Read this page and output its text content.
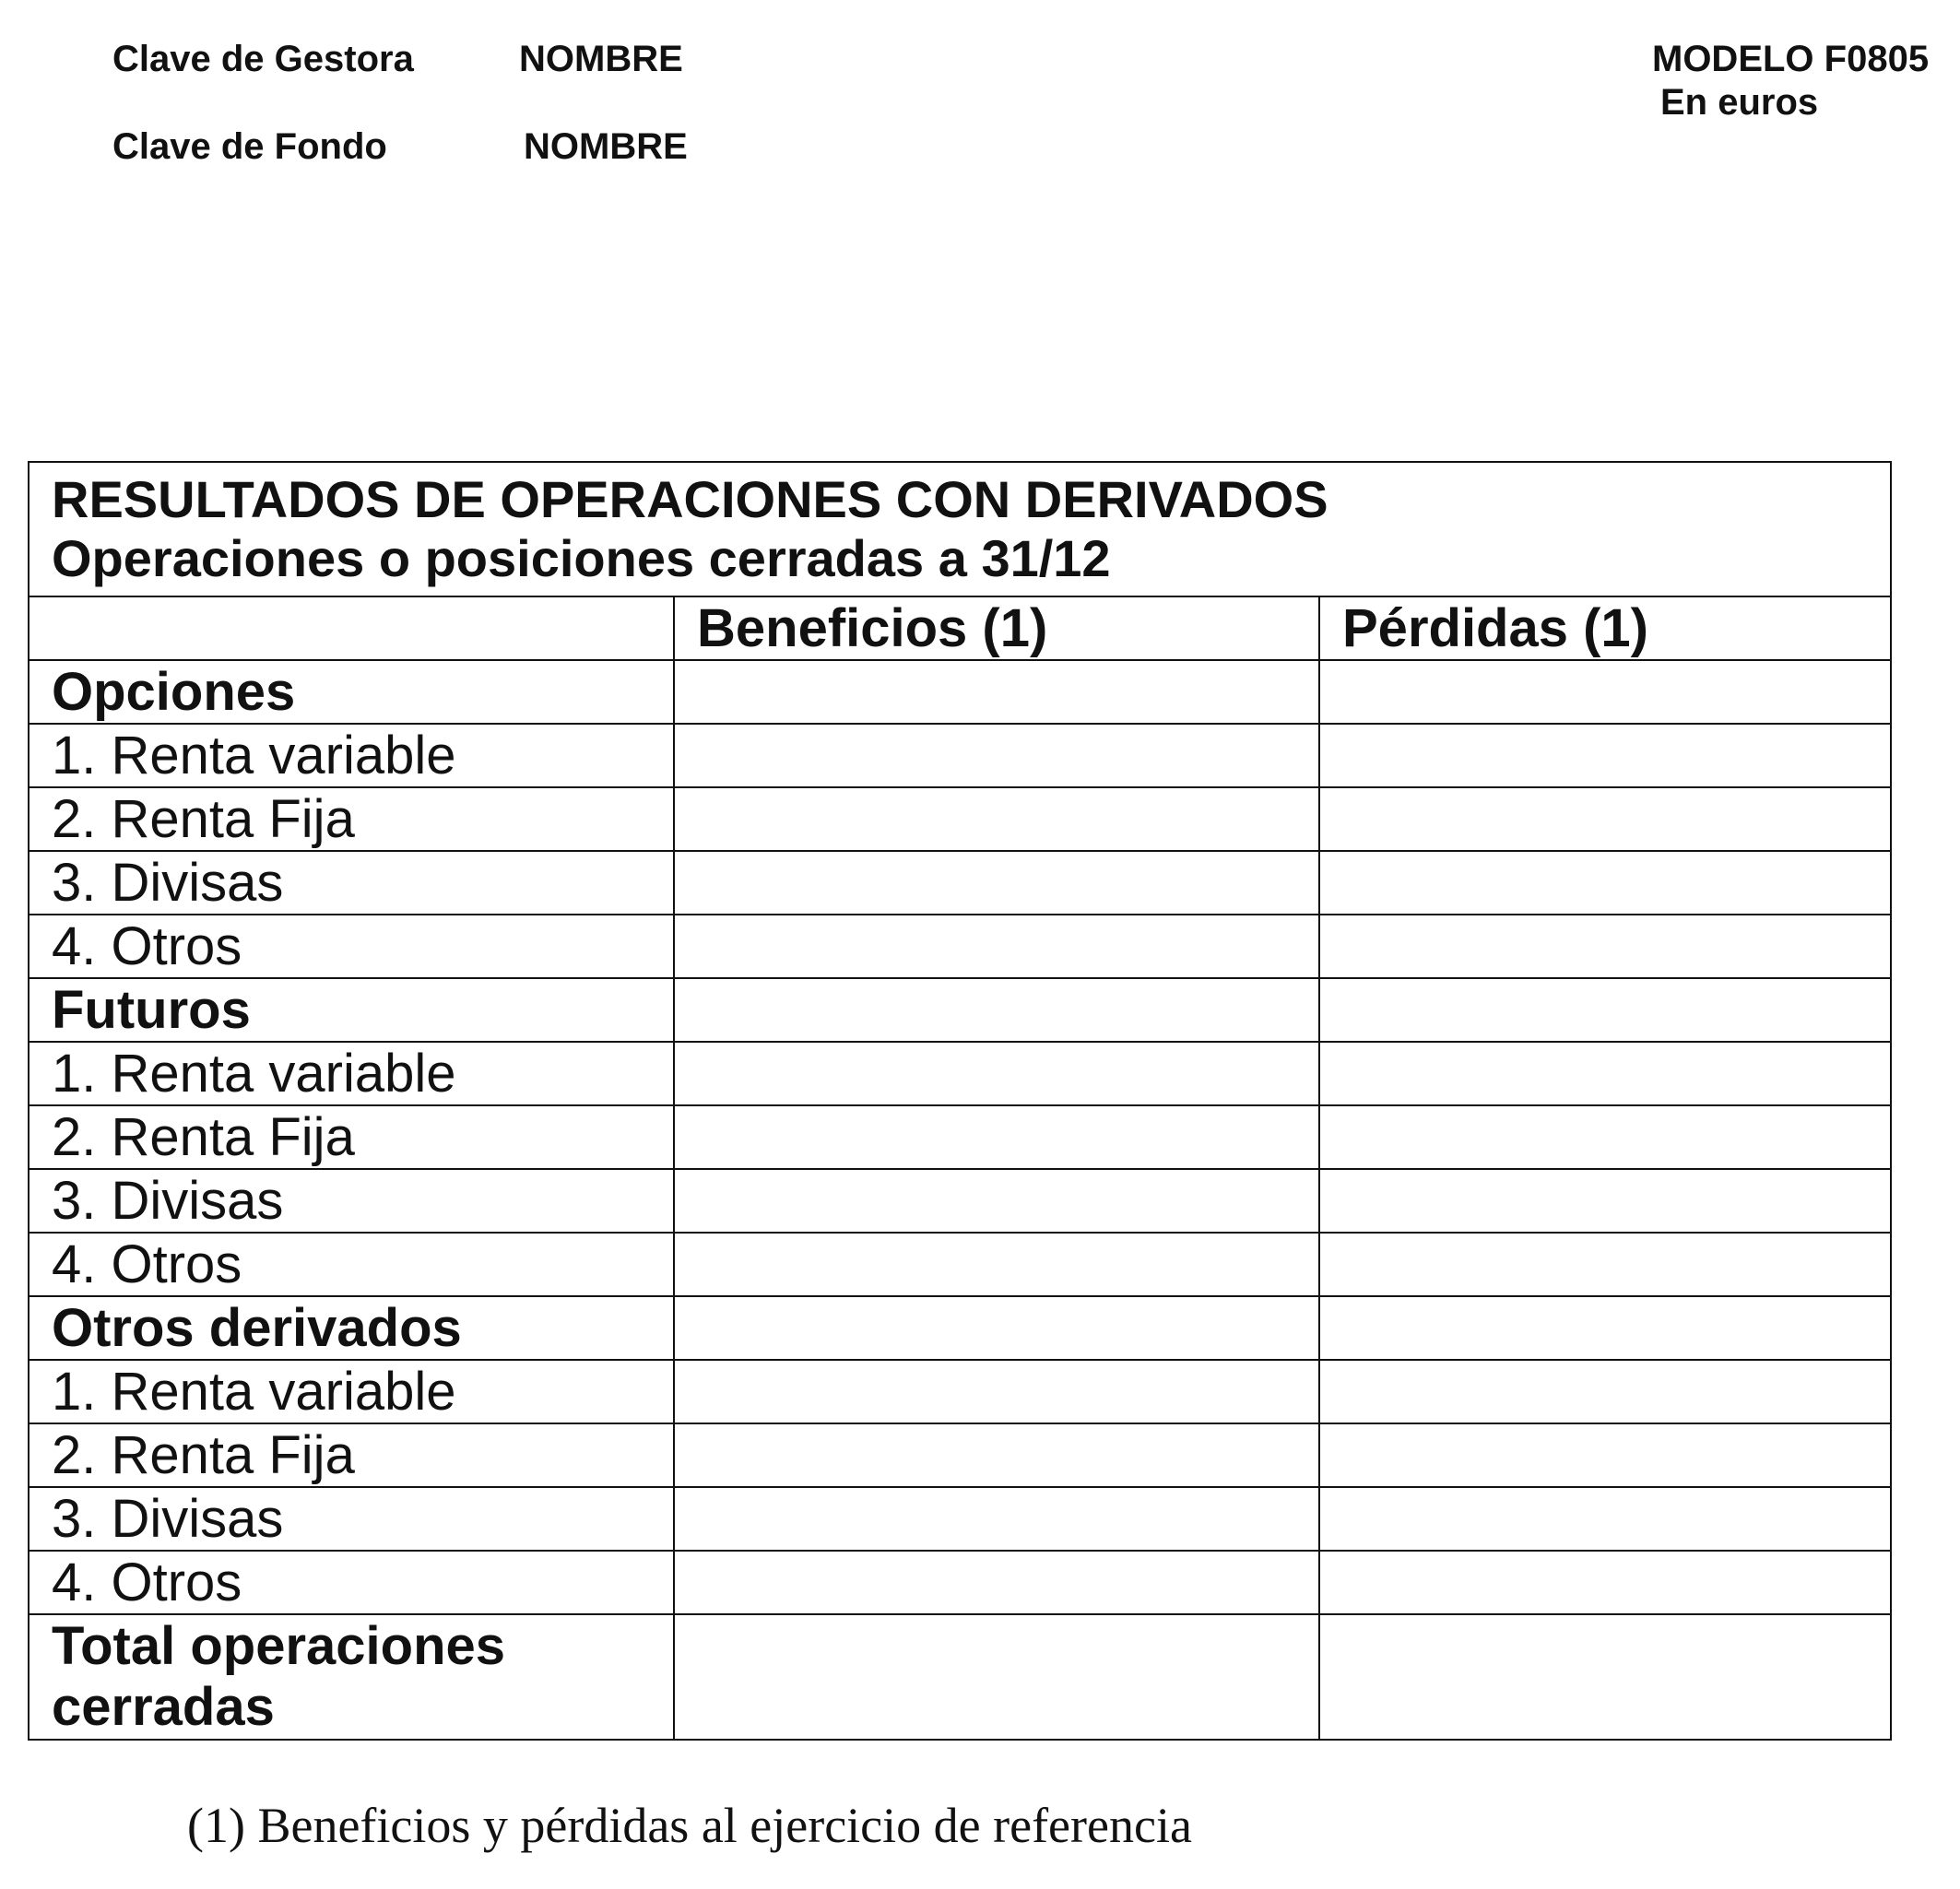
Clave de Gestora	NOMBRE
Clave de Fondo	NOMBRE
MODELO F0805
En euros
RESULTADOS DE OPERACIONES CON DERIVADOS
Operaciones o posiciones cerradas a 31/12		

	Beneficios (1)	Pérdidas (1)
Opciones		
1. Renta variable		
2. Renta Fija		
3. Divisas		
4. Otros		
Futuros		
1. Renta variable		
2. Renta Fija		
3. Divisas		
4. Otros		
Otros derivados		
1. Renta variable		
2. Renta Fija		
3. Divisas		
4. Otros		

Total operaciones
cerradas		

(1) Beneficios y pérdidas al ejercicio de referencia
